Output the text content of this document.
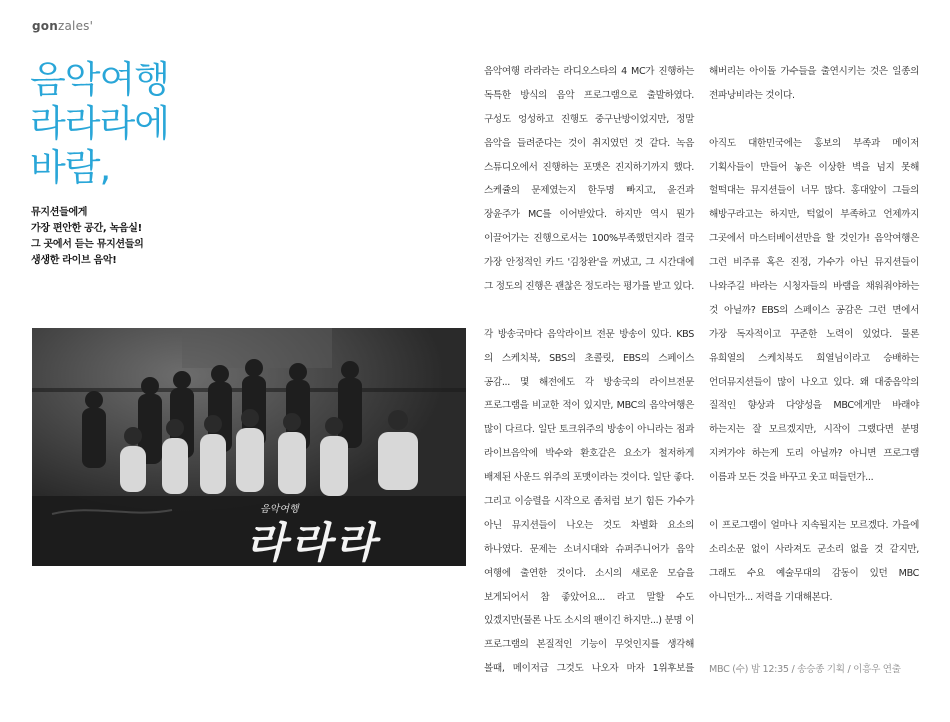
gonzales'
음악여행
라라라에
바람,
뮤지션들에게
가장 편안한 공간, 녹음실!
그 곳에서 듣는 뮤지션들의
생생한 라이브 음악!
음악여행
라라라
음악여행 라라라는 라디오스타의 4 MC가 진행하는
독특한 방식의 음악 프로그램으로 출발하였다.
구성도 엉성하고 진행도 중구난방이었지만, 정말
음악을 들려준다는 것이 취지였던 것 같다. 녹음
스튜디오에서 진행하는 포맷은 진지하기까지 했다.
스케쥴의 문제였는지 한두명 빠지고, 윤건과
장윤주가 MC를 이어받았다. 하지만 역시 뭔가
이끌어가는 진행으로서는 100%부족했던지라 결국
가장 안정적인 카드 '김창완'을 꺼냈고, 그 시간대에
그 정도의 진행은 괜찮은 정도라는 평가를 받고 있다.
각 방송국마다 음악라이브 전문 방송이 있다. KBS
의 스케치북, SBS의 초콜릿, EBS의 스페이스
공감... 몇 해전에도 각 방송국의 라이브전문
프로그램을 비교한 적이 있지만, MBC의 음악여행은
많이 다르다. 일단 토크위주의 방송이 아니라는 점과
라이브음악에 박수와 환호같은 요소가 철저하게
배제된 사운드 위주의 포맷이라는 것이다. 일단 좋다.
그리고 이승렬을 시작으로 좀처럼 보기 힘든 가수가
아닌 뮤지션들이 나오는 것도 차별화 요소의
하나였다. 문제는 소녀시대와 슈퍼주니어가 음악
여행에 출연한 것이다. 소시의 새로운 모습을
보게되어서 참 좋았어요... 라고 말할 수도
있겠지만(물론 나도 소시의 팬이긴 하지만...) 분명 이
프로그램의 본질적인 기능이 무엇인지를 생각해
볼때, 메이저급 그것도 나오자 마자 1위후보를
해버리는 아이돌 가수들을 출연시키는 것은 일종의
전파낭비라는 것이다.
아직도 대한민국에는 홍보의 부족과 메이저
기획사들이 만들어 놓은 이상한 벽을 넘지 못해
헐떡대는 뮤지션들이 너무 많다. 홍대앞이 그들의
해방구라고는 하지만, 턱없이 부족하고 언제까지
그곳에서 마스터베이션만을 할 것인가! 음악여행은
그런 비주류 혹은 진정, 가수가 아닌 뮤지션들이
나와주길 바라는 시청자들의 바램을 채워줘야하는
것 아닐까? EBS의 스페이스 공감은 그런 면에서
가장 독자적이고 꾸준한 노력이 있었다. 물론
유희열의 스케치북도 희열님이라고 승배하는
언더뮤지션들이 많이 나오고 있다. 왜 대중음악의
질적인 향상과 다양성을 MBC에게만 바래야
하는지는 잘 모르겠지만, 시작이 그랬다면 분명
지켜가야 하는게 도리 아닐까? 아니면 프로그램
이름과 모든 것을 바꾸고 웃고 떠들던가...
이 프로그램이 얼마나 지속될지는 모르겠다. 가을에
소리소문 없이 사라져도 군소리 없을 것 같지만,
그래도 수요 예술무대의 감동이 있던 MBC
아니던가... 저력을 기대해본다.
MBC (수) 밤 12:35 / 송승종 기획 / 이흥우 연출
